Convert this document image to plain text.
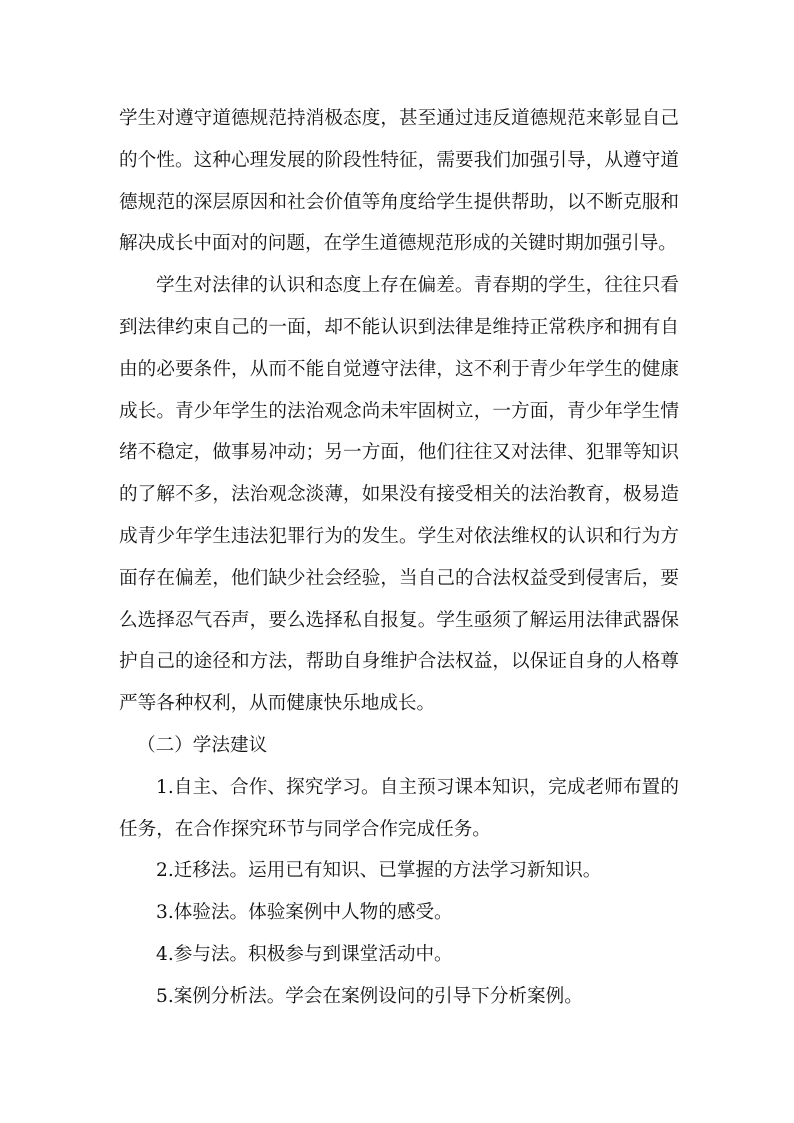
学生对遵守道德规范持消极态度，甚至通过违反道德规范来彰显自己的个性。这种心理发展的阶段性特征，需要我们加强引导，从遵守道德规范的深层原因和社会价值等角度给学生提供帮助，以不断克服和解决成长中面对的问题，在学生道德规范形成的关键时期加强引导。

学生对法律的认识和态度上存在偏差。青春期的学生，往往只看到法律约束自己的一面，却不能认识到法律是维持正常秩序和拥有自由的必要条件，从而不能自觉遵守法律，这不利于青少年学生的健康成长。青少年学生的法治观念尚未牢固树立，一方面，青少年学生情绪不稳定，做事易冲动；另一方面，他们往往又对法律、犯罪等知识的了解不多，法治观念淡薄，如果没有接受相关的法治教育，极易造成青少年学生违法犯罪行为的发生。学生对依法维权的认识和行为方面存在偏差，他们缺少社会经验，当自己的合法权益受到侵害后，要么选择忍气吞声，要么选择私自报复。学生亟须了解运用法律武器保护自己的途径和方法，帮助自身维护合法权益，以保证自身的人格尊严等各种权利，从而健康快乐地成长。

（二）学法建议

1.自主、合作、探究学习。自主预习课本知识，完成老师布置的任务，在合作探究环节与同学合作完成任务。

2.迁移法。运用已有知识、已掌握的方法学习新知识。

3.体验法。体验案例中人物的感受。

4.参与法。积极参与到课堂活动中。

5.案例分析法。学会在案例设问的引导下分析案例。
